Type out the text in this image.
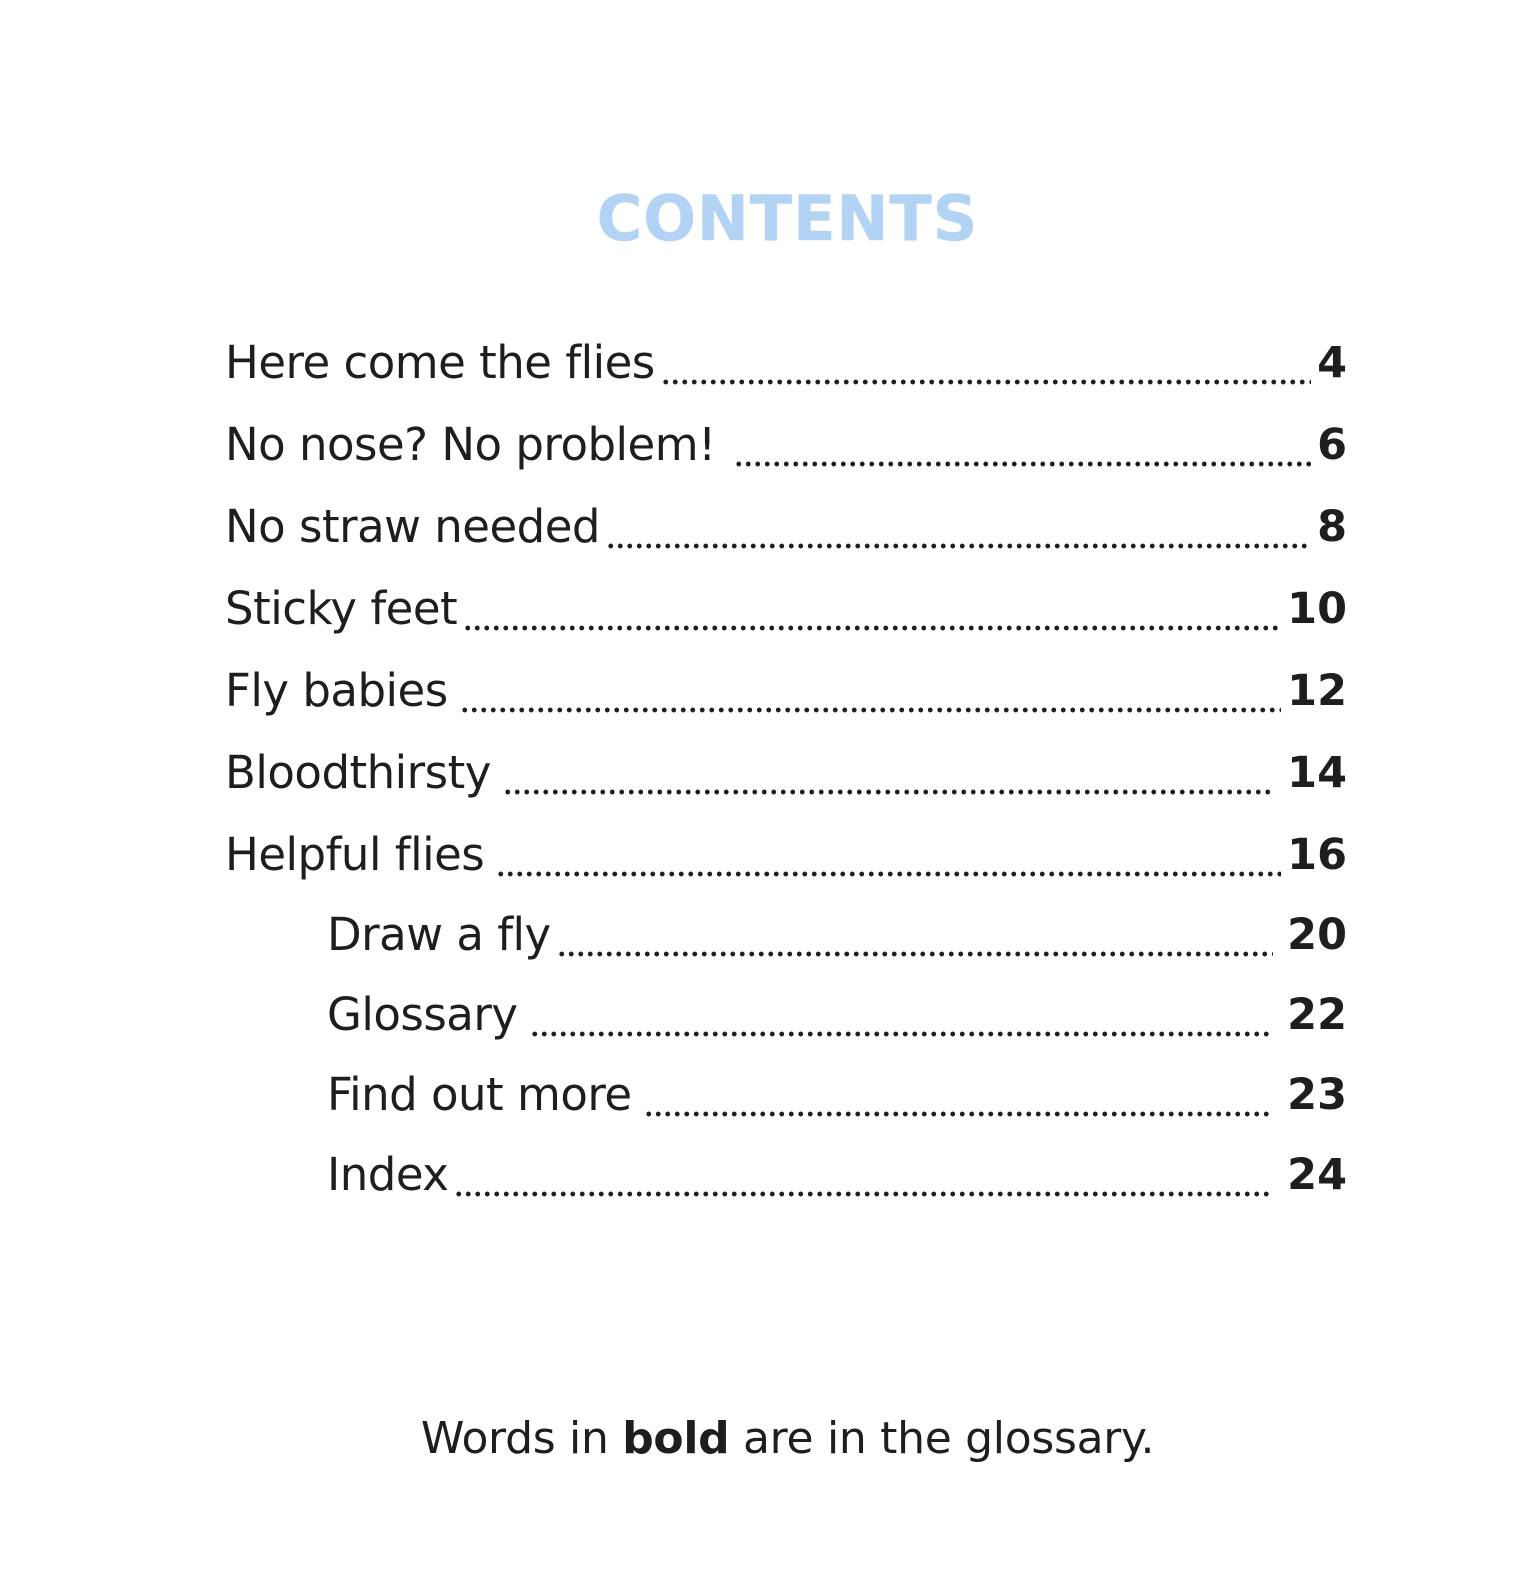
CONTENTS
Here come the flies	4
No nose? No problem!	6
No straw needed	8
Sticky feet	10
Fly babies	12
Bloodthirsty	14
Helpful flies	16
Draw a fly	20
Glossary	22
Find out more	23
Index	24

Words in bold are in the glossary.
